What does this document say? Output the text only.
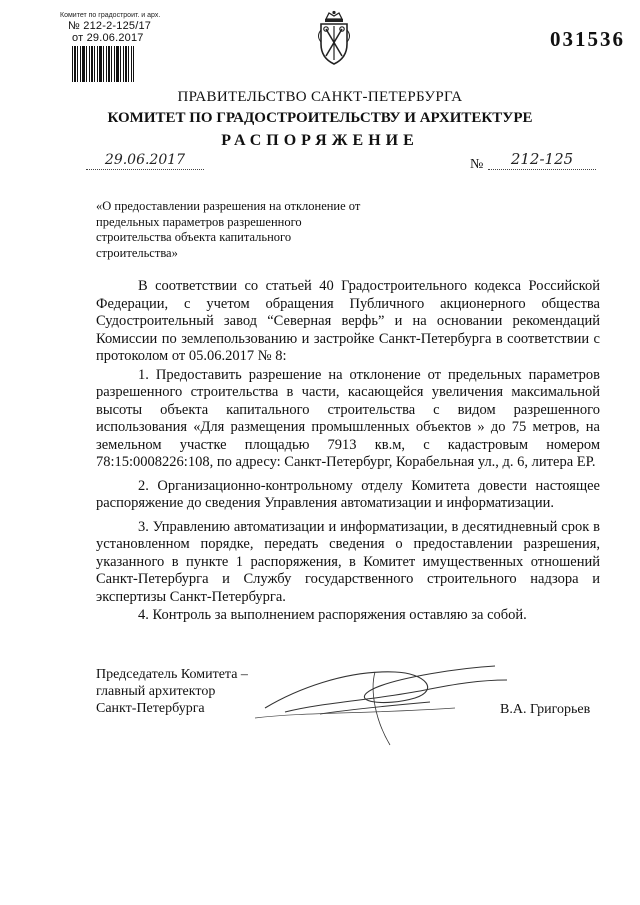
Комитет по градостроит. и арх.
№ 212-2-125/17
от 29.06.2017	031536
ПРАВИТЕЛЬСТВО САНКТ-ПЕТЕРБУРГА
КОМИТЕТ ПО ГРАДОСТРОИТЕЛЬСТВУ И АРХИТЕКТУРЕ
РАСПОРЯЖЕНИЕ
29.06.2017	№	212-125
«О предоставлении разрешения на отклонение от предельных параметров разрешенного строительства объекта капитального строительства»

В соответствии со статьей 40 Градостроительного кодекса Российской Федерации, с учетом обращения Публичного акционерного общества Судостроительный завод “Северная верфь” и на основании рекомендаций Комиссии по землепользованию и застройке Санкт-Петербурга в соответствии с протоколом от 05.06.2017 № 8:

1. Предоставить разрешение на отклонение от предельных параметров разрешенного строительства в части, касающейся увеличения максимальной высоты объекта капитального строительства с видом разрешенного использования «Для размещения промышленных объектов » до 75 метров, на земельном участке площадью 7913 кв.м, с кадастровым номером 78:15:0008226:108, по адресу: Санкт-Петербург, Корабельная ул., д. 6, литера ЕР.

2. Организационно-контрольному отделу Комитета довести настоящее распоряжение до сведения Управления автоматизации и информатизации.

3. Управлению автоматизации и информатизации, в десятидневный срок в установленном порядке, передать сведения о предоставлении разрешения, указанного в пункте 1 распоряжения, в Комитет имущественных отношений Санкт-Петербурга и Службу государственного строительного надзора и экспертизы Санкт-Петербурга.

4. Контроль за выполнением распоряжения оставляю за собой.

Председатель Комитета –
главный архитектор
Санкт-Петербурга	В.А. Григорьев
